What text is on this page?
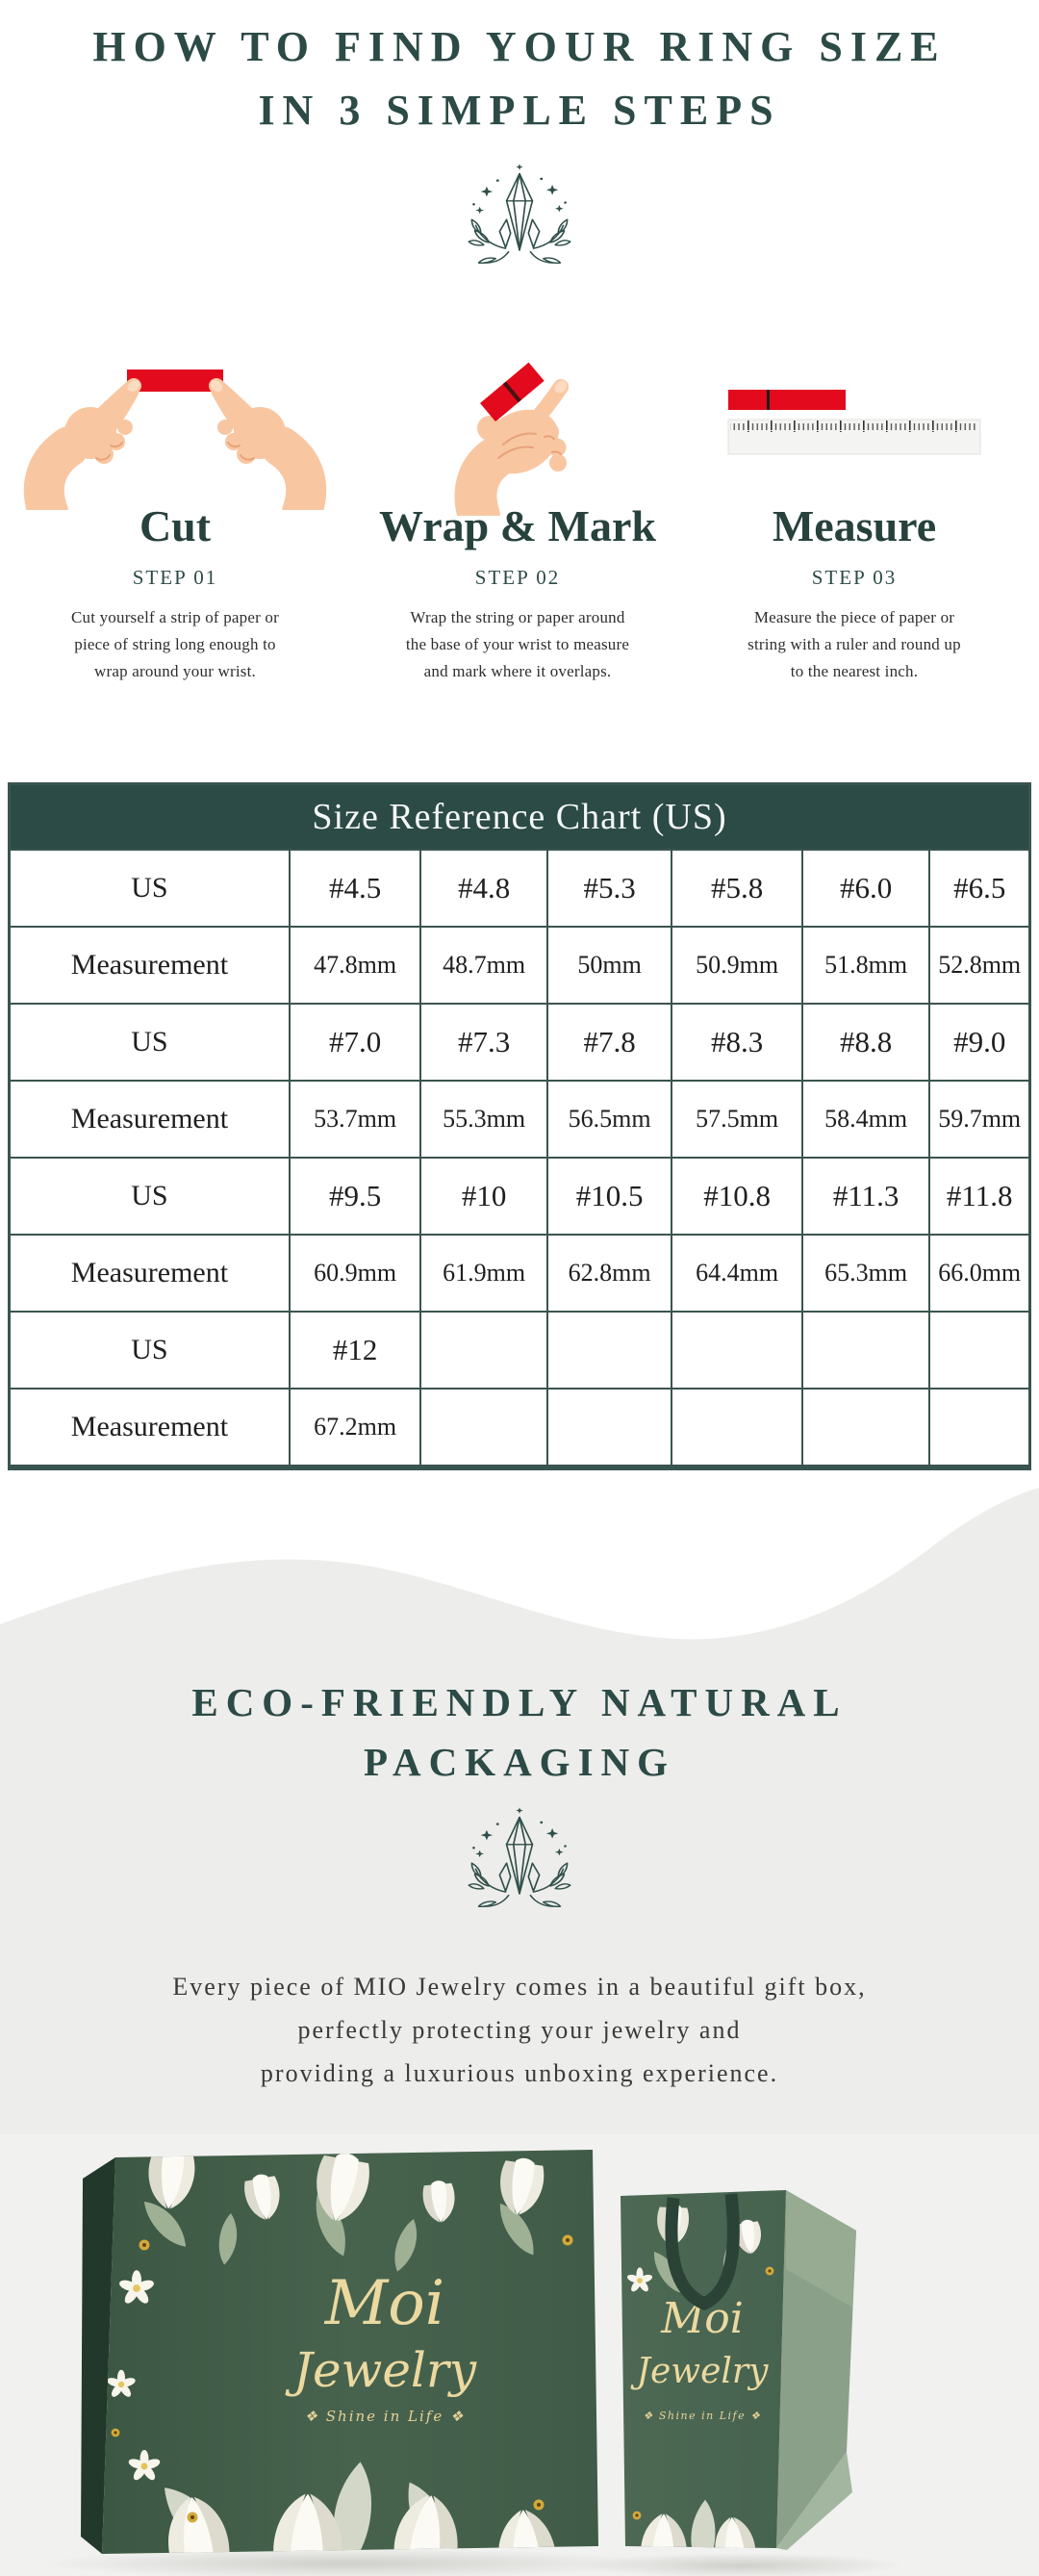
HOW TO FIND YOUR RING SIZE
IN 3 SIMPLE STEPS
Cut
STEP 01
Cut yourself a strip of paper or
piece of string long enough to
wrap around your wrist.
Wrap & Mark
STEP 02
Wrap the string or paper around
the base of your wrist to measure
and mark where it overlaps.
Measure
STEP 03
Measure the piece of paper or
string with a ruler and round up
to the nearest inch.
Size Reference Chart (US)
US	#4.5	#4.8	#5.3	#5.8	#6.0	#6.5
Measurement	47.8mm	48.7mm	50mm	50.9mm	51.8mm	52.8mm
US	#7.0	#7.3	#7.8	#8.3	#8.8	#9.0
Measurement	53.7mm	55.3mm	56.5mm	57.5mm	58.4mm	59.7mm
US	#9.5	#10	#10.5	#10.8	#11.3	#11.8
Measurement	60.9mm	61.9mm	62.8mm	64.4mm	65.3mm	66.0mm
US	#12
Measurement	67.2mm
ECO-FRIENDLY NATURAL
PACKAGING
Every piece of MIO Jewelry comes in a beautiful gift box,
perfectly protecting your jewelry and
providing a luxurious unboxing experience.
Moi
Jewelry
❖ Shine in Life ❖
Moi
Jewelry
❖ Shine in Life ❖
